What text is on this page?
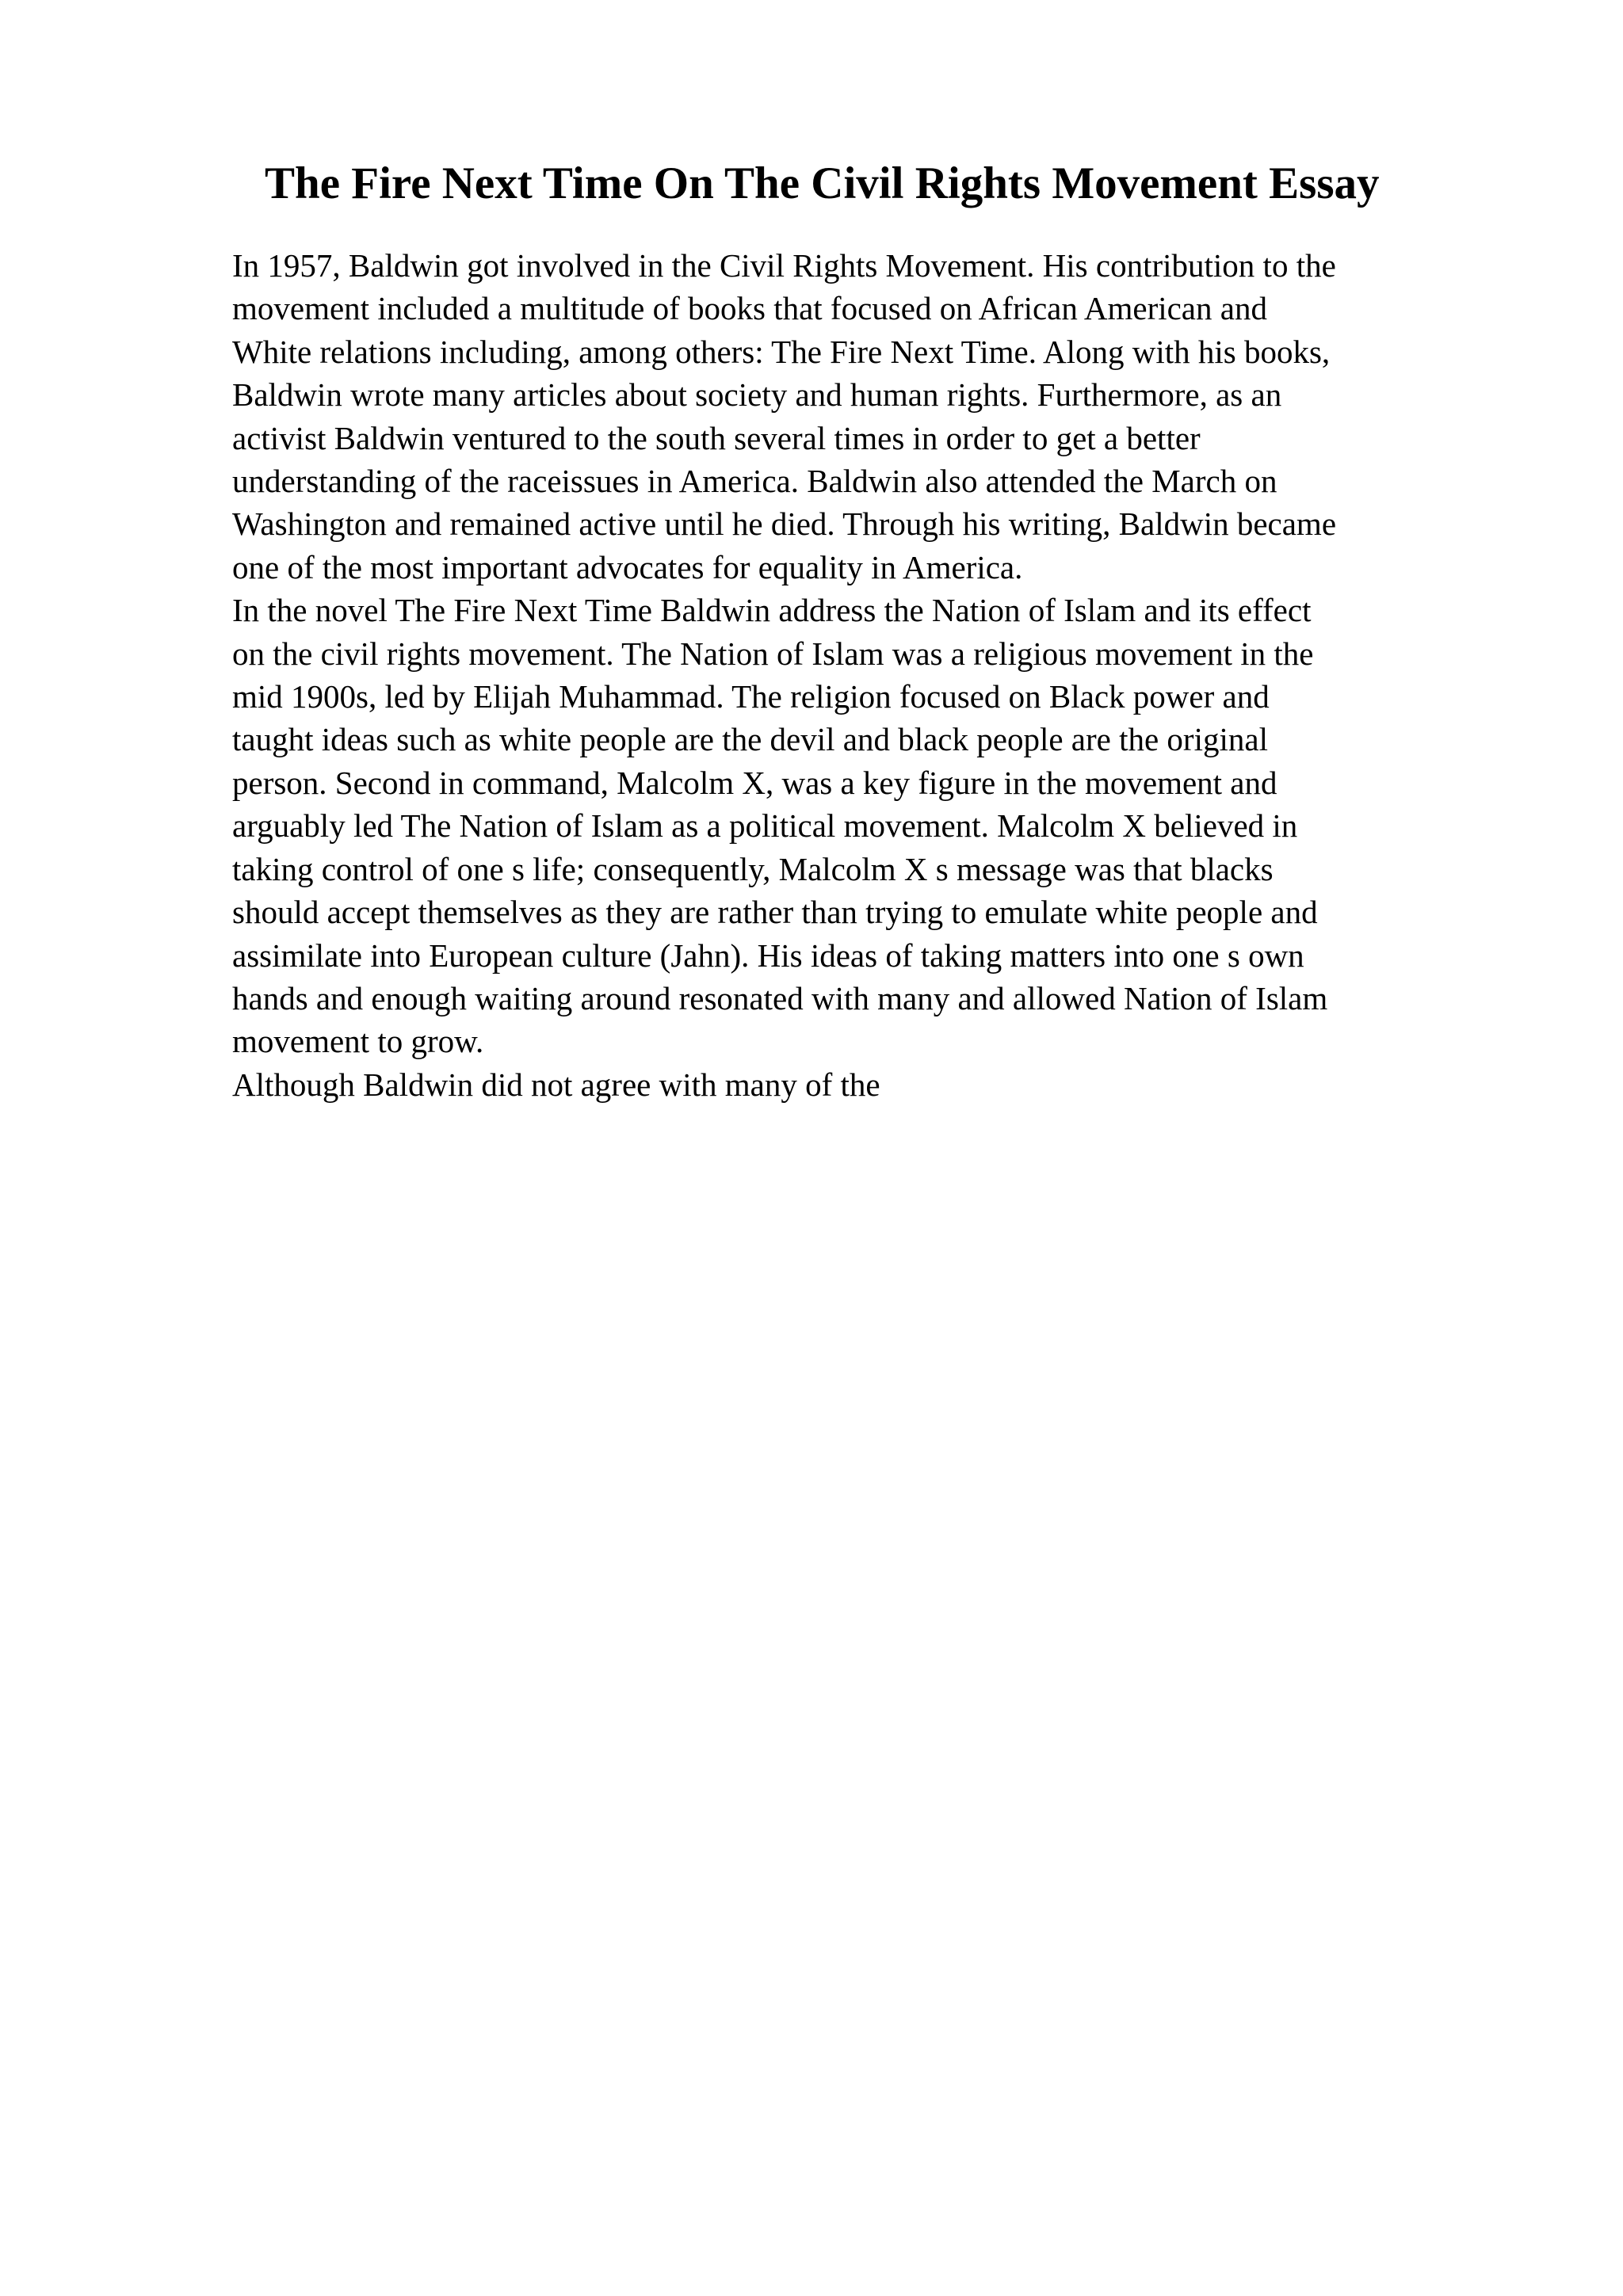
The Fire Next Time On The Civil Rights Movement Essay
In 1957, Baldwin got involved in the Civil Rights Movement. His contribution to the
movement included a multitude of books that focused on African American and
White relations including, among others: The Fire Next Time. Along with his books,
Baldwin wrote many articles about society and human rights. Furthermore, as an
activist Baldwin ventured to the south several times in order to get a better
understanding of the raceissues in America. Baldwin also attended the March on
Washington and remained active until he died. Through his writing, Baldwin became
one of the most important advocates for equality in America.
In the novel The Fire Next Time Baldwin address the Nation of Islam and its effect
on the civil rights movement. The Nation of Islam was a religious movement in the
mid 1900s, led by Elijah Muhammad. The religion focused on Black power and
taught ideas such as white people are the devil and black people are the original
person. Second in command, Malcolm X, was a key figure in the movement and
arguably led The Nation of Islam as a political movement. Malcolm X believed in
taking control of one s life; consequently, Malcolm X s message was that blacks
should accept themselves as they are rather than trying to emulate white people and
assimilate into European culture (Jahn). His ideas of taking matters into one s own
hands and enough waiting around resonated with many and allowed Nation of Islam
movement to grow.
Although Baldwin did not agree with many of the
